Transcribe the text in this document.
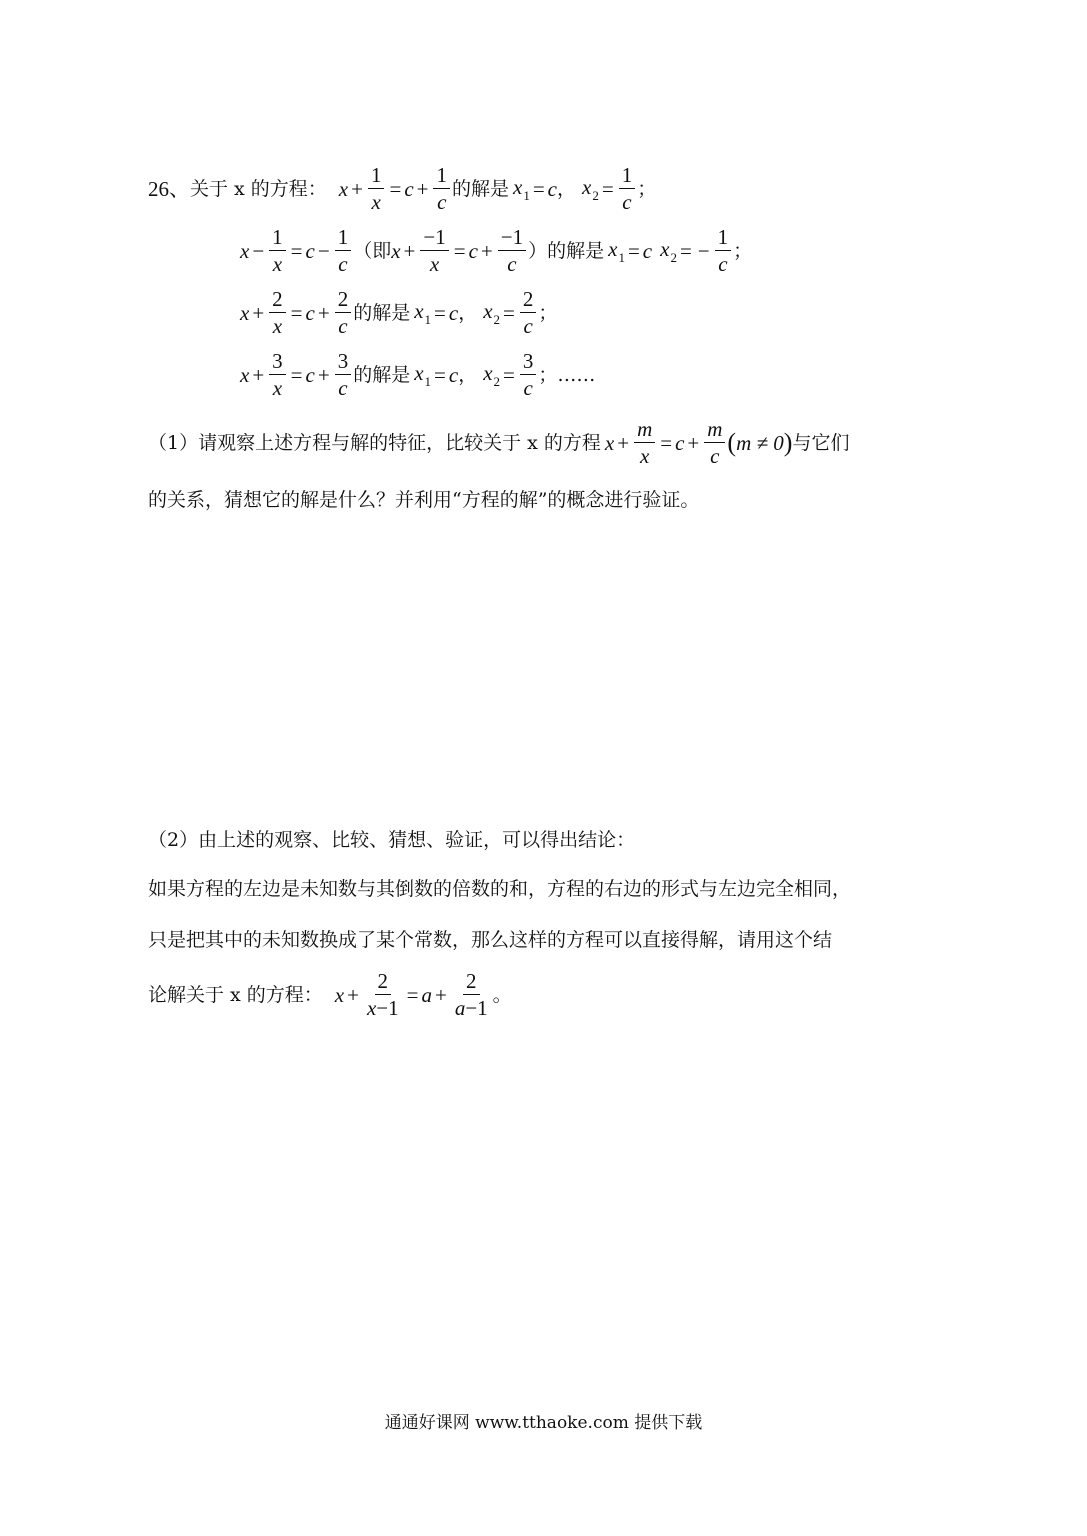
26、 关于 x 的方程： $x + \frac{1}{x} = c + \frac{1}{c}$ 的解是 $x_1 = c$ ， $x_2 = \frac{1}{c}$ ；
$x - \frac{1}{x} = c - \frac{1}{c}$ （即 $x + \frac{-1}{x} = c + \frac{-1}{c}$ ） 的解是 $x_1 = c$ $x_2$ = − $\frac{1}{c}$ ；
$x + \frac{2}{x} = c + \frac{2}{c}$ 的解是 $x_1 = c$ ， $x_2 = \frac{2}{c}$ ；
$x + \frac{3}{x} = c + \frac{3}{c}$ 的解是 $x_1 = c$ ， $x_2 = \frac{3}{c}$ ； ……
（1） 请观察上述方程与解的特征，比较关于 x 的方程 $x + \frac{m}{x} = c + \frac{m}{c}$ ( m ≠ 0 ) 与它们
的关系，猜想它的解是什么？并利用“方程的解”的概念进行验证。
（2）由上述的观察、比较、猜想、验证，可以得出结论：
如果方程的左边是未知数与其倒数的倍数的和，方程的右边的形式与左边完全相同，
只是把其中的未知数换成了某个常数，那么这样的方程可以直接得解，请用这个结
论解关于 x 的方程： $x + \frac{2}{x-1} = a + \frac{2}{a-1}$ 。
通通好课网 www.tthaoke.com 提供下载
